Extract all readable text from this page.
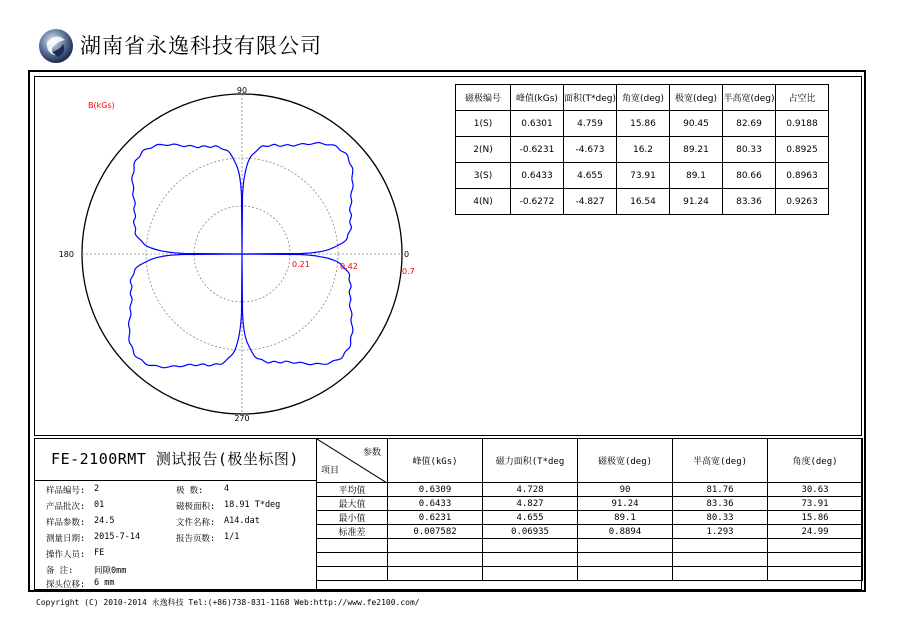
湖南省永逸科技有限公司
B(kGs)
90
180	0
270
0.21	0.42
0.7
磁极编号	峰值(kGs)	面积(T*deg)	角宽(deg)	极宽(deg)	半高宽(deg)	占空比
1(S)	0.6301	4.759	15.86	90.45	82.69	0.9188
2(N)	-0.6231	-4.673	16.2	89.21	80.33	0.8925
3(S)	0.6433	4.655	73.91	89.1	80.66	0.8963
4(N)	-0.6272	-4.827	16.54	91.24	83.36	0.9263
FE-2100RMT 测试报告(极坐标图)
样品编号: 2	极 数: 4
产品批次: 01	磁极面积: 18.91 T*deg
样品参数: 24.5	文件名称: A14.dat
测量日期: 2015-7-14	报告页数: 1/1
操作人员: FE
备 注: 间隙0mm
探头位移: 6 mm
参数
项目	峰值(kGs)	磁力面积(T*deg	磁极宽(deg)	半高宽(deg)	角度(deg)
平均值	0.6309	4.728	90	81.76	30.63
最大值	0.6433	4.827	91.24	83.36	73.91
最小值	0.6231	4.655	89.1	80.33	15.86
标准差	0.007582	0.06935	0.8894	1.293	24.99

Copyright (C) 2010-2014 永逸科技 Tel:(+86)738-831-1168 Web:http://www.fe2100.com/
